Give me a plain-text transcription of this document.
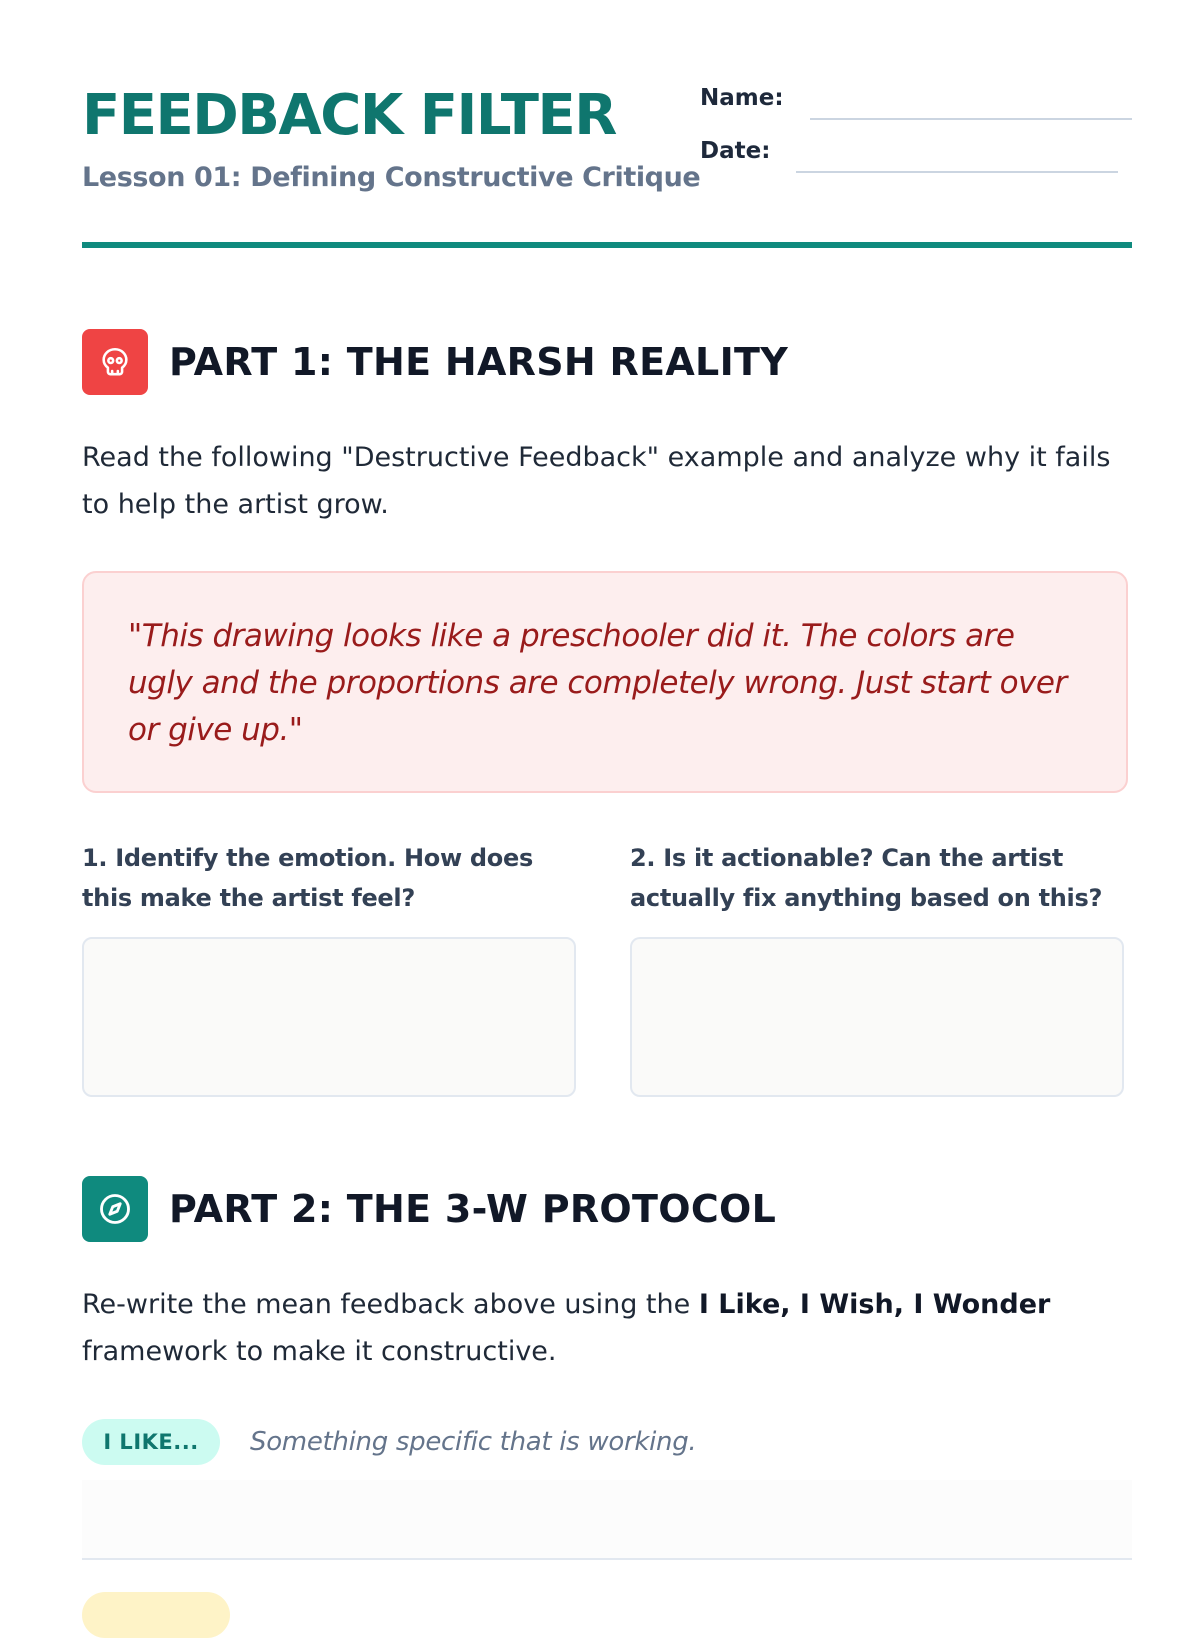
FEEDBACK FILTER

Lesson 01: Defining Constructive Critique

Name:
Date:
PART 1: THE HARSH REALITY

Read the following "Destructive Feedback" example and analyze why it fails to help the artist grow.

"This drawing looks like a preschooler did it. The colors are ugly and the proportions are completely wrong. Just start over or give up."

1. Identify the emotion. How does this make the artist feel?

2. Is it actionable? Can the artist actually fix anything based on this?

PART 2: THE 3-W PROTOCOL

Re-write the mean feedback above using the I Like, I Wish, I Wonder framework to make it constructive.

I LIKE...	Something specific that is working.
